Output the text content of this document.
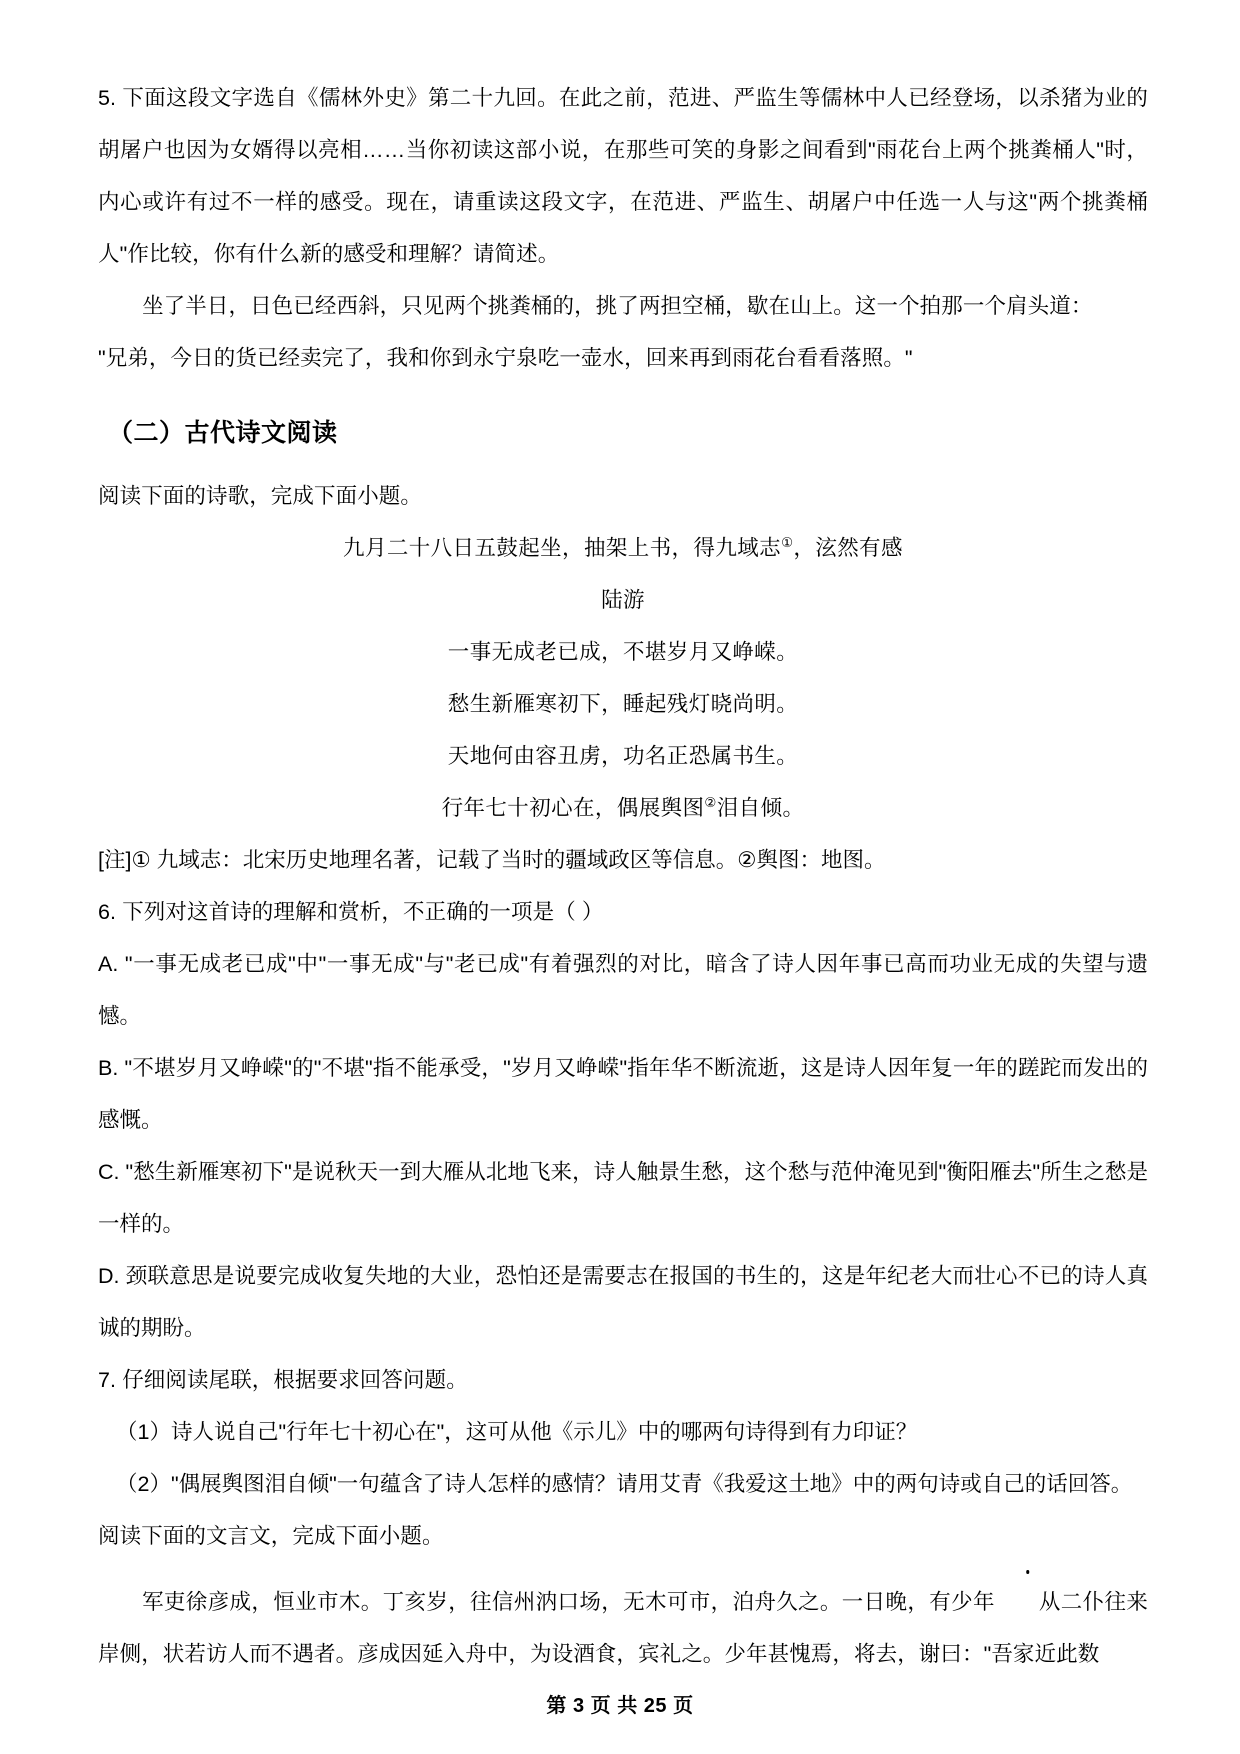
5. 下面这段文字选自《儒林外史》第二十九回。在此之前，范进、严监生等儒林中人已经登场，以杀猪为业的胡屠户也因为女婿得以亮相……当你初读这部小说，在那些可笑的身影之间看到"雨花台上两个挑粪桶人"时，内心或许有过不一样的感受。现在，请重读这段文字，在范进、严监生、胡屠户中任选一人与这"两个挑粪桶人"作比较，你有什么新的感受和理解？请简述。

坐了半日，日色已经西斜，只见两个挑粪桶的，挑了两担空桶，歇在山上。这一个拍那一个肩头道：

"兄弟，今日的货已经卖完了，我和你到永宁泉吃一壶水，回来再到雨花台看看落照。"

（二）古代诗文阅读

阅读下面的诗歌，完成下面小题。

九月二十八日五鼓起坐，抽架上书，得九域志①，泫然有感
陆游
一事无成老已成，不堪岁月又峥嵘。
愁生新雁寒初下，睡起残灯晓尚明。
天地何由容丑虏，功名正恐属书生。
行年七十初心在，偶展舆图②泪自倾。

[注]① 九域志：北宋历史地理名著，记载了当时的疆域政区等信息。②舆图：地图。

6. 下列对这首诗的理解和赏析，不正确的一项是（ ）

A. "一事无成老已成"中"一事无成"与"老已成"有着强烈的对比，暗含了诗人因年事已高而功业无成的失望与遗憾。

B. "不堪岁月又峥嵘"的"不堪"指不能承受，"岁月又峥嵘"指年华不断流逝，这是诗人因年复一年的蹉跎而发出的感慨。

C. "愁生新雁寒初下"是说秋天一到大雁从北地飞来，诗人触景生愁，这个愁与范仲淹见到"衡阳雁去"所生之愁是一样的。

D. 颈联意思是说要完成收复失地的大业，恐怕还是需要志在报国的书生的，这是年纪老大而壮心不已的诗人真诚的期盼。

7. 仔细阅读尾联，根据要求回答问题。

（1）诗人说自己"行年七十初心在"，这可从他《示儿》中的哪两句诗得到有力印证？

（2）"偶展舆图泪自倾"一句蕴含了诗人怎样的感情？请用艾青《我爱这土地》中的两句诗或自己的话回答。

阅读下面的文言文，完成下面小题。

军吏徐彦成，恒业市木。丁亥岁，往信州汭口场，无木可市，泊舟久之。一日晚，有少年 从二仆往来岸侧，状若访人而不遇者。彦成因延入舟中，为设酒食，宾礼之。少年甚愧焉，将去，谢曰："吾家近此数

第 3 页 共 25 页
